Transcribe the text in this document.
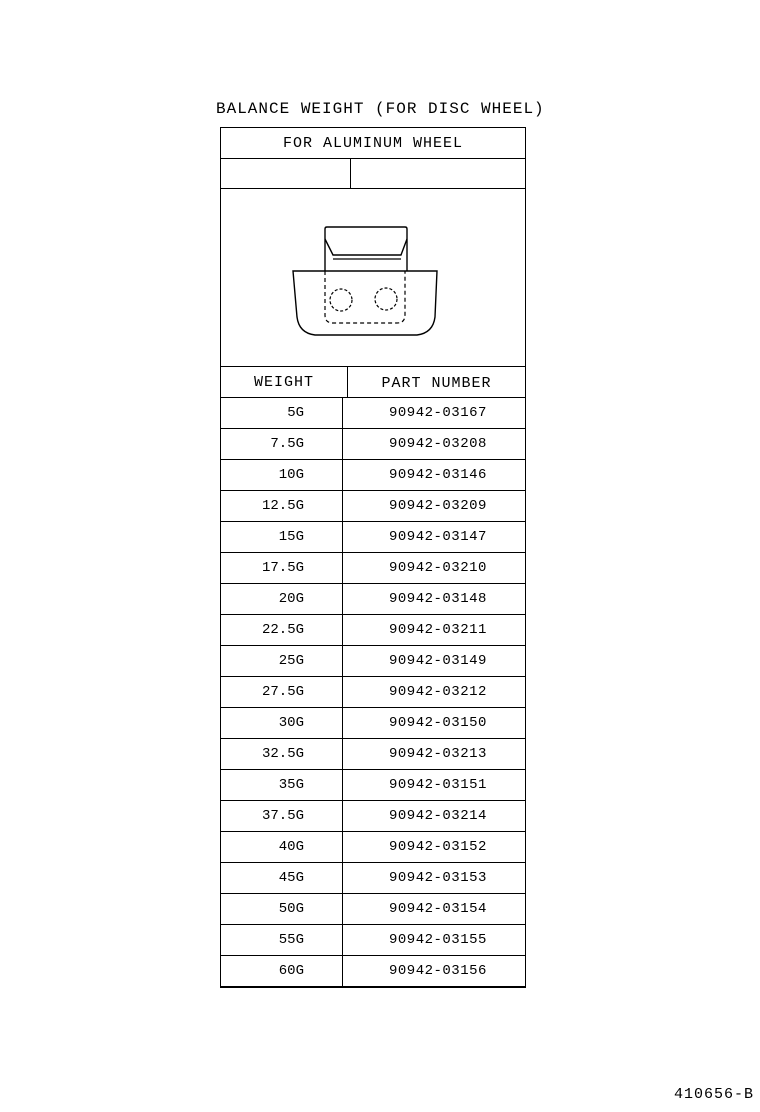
BALANCE WEIGHT (FOR DISC WHEEL)
FOR ALUMINUM WHEEL
WEIGHT	PART NUMBER
5G	90942-03167
7.5G	90942-03208
10G	90942-03146
12.5G	90942-03209
15G	90942-03147
17.5G	90942-03210
20G	90942-03148
22.5G	90942-03211
25G	90942-03149
27.5G	90942-03212
30G	90942-03150
32.5G	90942-03213
35G	90942-03151
37.5G	90942-03214
40G	90942-03152
45G	90942-03153
50G	90942-03154
55G	90942-03155
60G	90942-03156
410656-B
